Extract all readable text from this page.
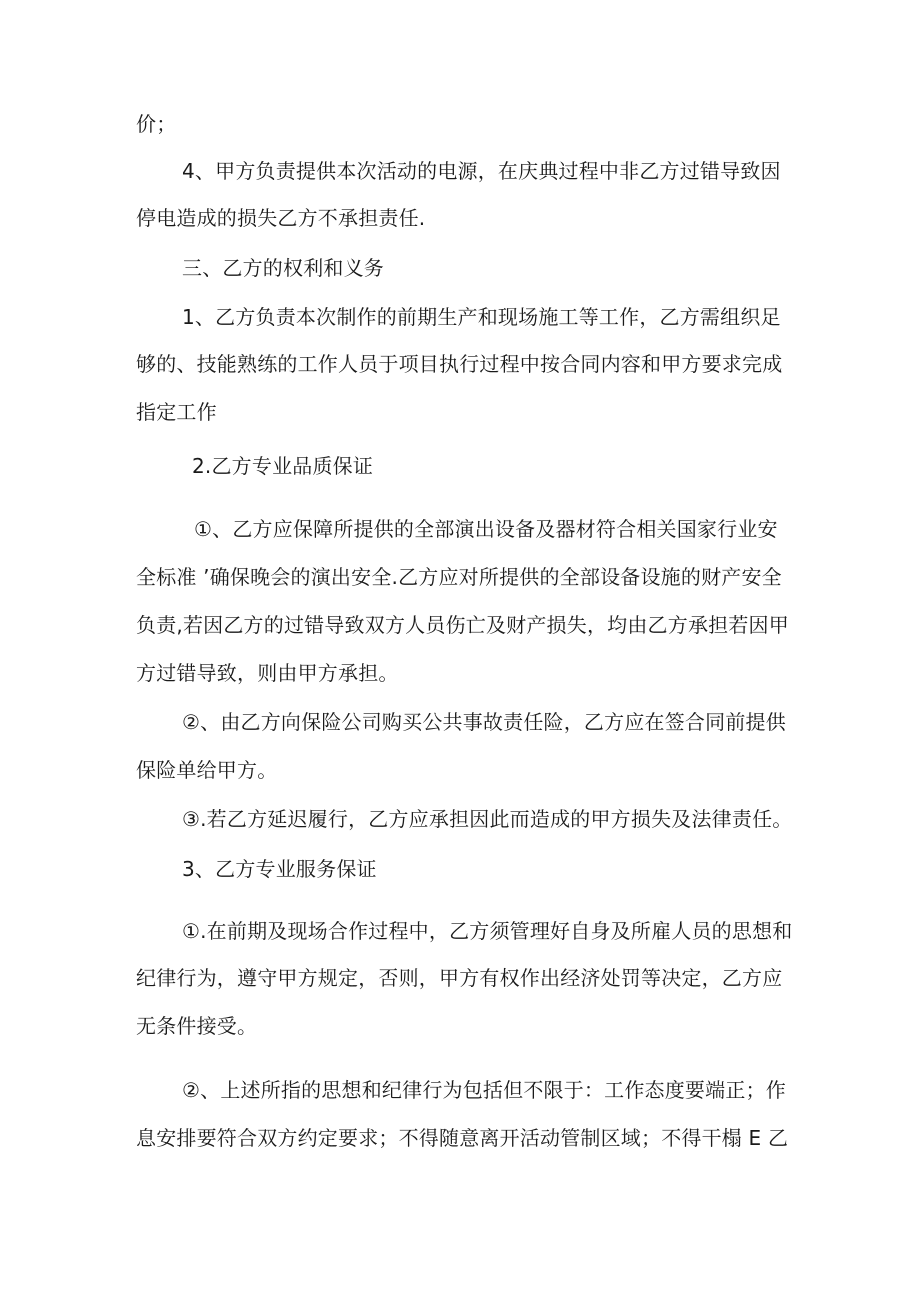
价；
4、甲方负责提供本次活动的电源，在庆典过程中非乙方过错导致因
停电造成的损失乙方不承担责任.
三、乙方的权利和义务
1、乙方负责本次制作的前期生产和现场施工等工作，乙方需组织足
够的、技能熟练的工作人员于项目执行过程中按合同内容和甲方要求完成
指定工作
2.乙方专业品质保证
①、乙方应保障所提供的全部演出设备及器材符合相关国家行业安
全标准 ’确保晚会的演出安全.乙方应对所提供的全部设备设施的财产安全
负责,若因乙方的过错导致双方人员伤亡及财产损失，均由乙方承担若因甲
方过错导致，则由甲方承担。
②、由乙方向保险公司购买公共事故责任险，乙方应在签合同前提供
保险单给甲方。
③.若乙方延迟履行，乙方应承担因此而造成的甲方损失及法律责任。
3、乙方专业服务保证
①.在前期及现场合作过程中，乙方须管理好自身及所雇人员的思想和
纪律行为，遵守甲方规定，否则，甲方有权作出经济处罚等决定，乙方应
无条件接受。
②、上述所指的思想和纪律行为包括但不限于：工作态度要端正；作
息安排要符合双方约定要求；不得随意离开活动管制区域；不得干榻 E 乙
